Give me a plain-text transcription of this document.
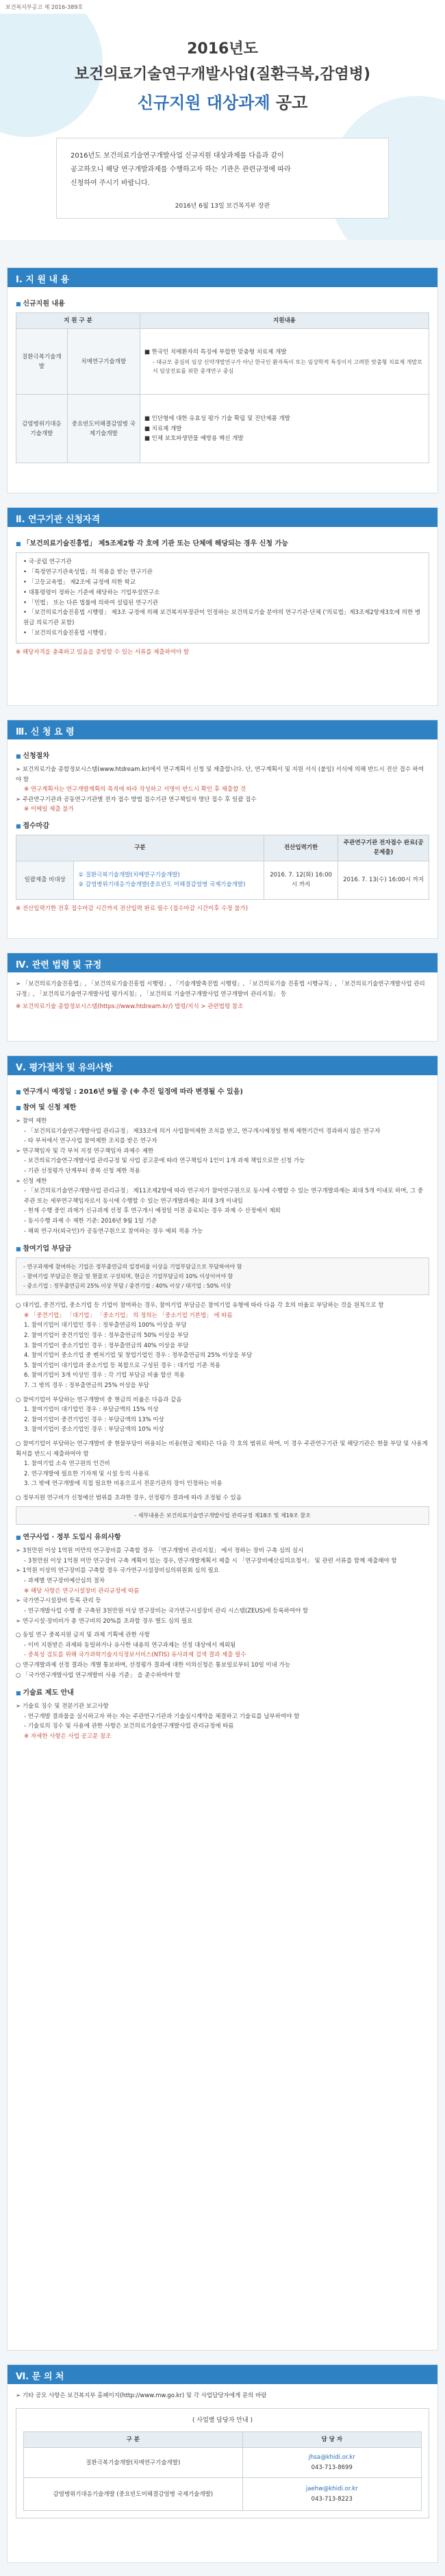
보건복지부공고 제 2016-389호
2016년도
보건의료기술연구개발사업(질환극복,감염병)
신규지원 대상과제 공고
2016년도 보건의료기술연구개발사업 신규지원 대상과제를 다음과 같이
공고하오니 해당 연구개발과제를 수행하고자 하는 기관은 관련규정에 따라
신청하여 주시기 바랍니다.
2016년 6월 13일 보건복지부 장관
Ⅰ. 지 원 내 용
■ 신규지원 내용
지 원 구 분		지원내용
질환극복기술개발	치매연구기술개발	■ 한국인 치매환자의 특징에 부합한 맞춤형 치료제 개발
- 대규모 중심의 임상 신약개발연구가 아닌 한국인 환자특이 또는 임상학적 특징이지 고려한 맞춤형 치료제 개발로서 임상진료를 위한 중개연구 중심

감염병위기대응기술개발	중요빈도미해결감염병 국제기술개발	■ 인단형에 대한 유효성 평가 기술 확립 및 진단제품 개발
■ 치료제 개발
■ 인체 보호파생면물 예방용 백신 개발
Ⅱ. 연구기관 신청자격
■ 「보건의료기술진흥법」 제5조제2항 각 호에 기관 또는 단체에 해당되는 경우 신청 가능
• 국·공립 연구기관
• 「특정연구기관육성법」의 적용을 받는 연구기관
• 「고등교육법」 제2조에 규정에 의한 학교
• 대통령령이 정하는 기준에 해당하는 기업부설연구소
• 「민법」 또는 다른 법률에 의하여 설립된 연구기관
• 「보건의료기술진흥법 시행령」 제3조 규정에 의해 보건복지부장관이 인정하는 보건의료기술 분야의 연구기관·단체 ('의료법」제3조제2항제3호에 의한 병원급 의료기관 포함)
• 「보건의료기술진흥법 시행령」
※ 해당자격을 충족하고 있음을 증빙할 수 있는 서류를 제출하여야 함
Ⅲ. 신 청 요 령
■ 신청절차
➢ 보건의료기술 종합정보시스템(www.htdream.kr)에서 연구계획서 신청 및 제출합니다. 단, 연구계획서 및 지원 서식 (붙임) 서식에 의해 반드시 전산 접수 하여야 함
※ 연구계획서는 연구개발계획의 목적에 따라 작성하고 서명이 반드시 확인 후 제출할 것
➢ 주관연구기관과 공동연구기관별 전자 접수 방법 접수기관 연구책임자 명단 접수 후 일괄 접수
※ 이메일 제출 불가
■ 접수마감
구분		전산입력기한	주관연구기관 전자접수 완료(공문제출)
일괄제출 비대상	① 질환극복기술개발(치매연구기술개발)
② 감염병위기대응기술개발(중요빈도 미해결감염병 국제기술개발)	2016. 7. 12(화) 16:00시 까지	2016. 7. 13(수) 16:00시 까지
※ 전산입력기한 전후 접수마감 시간까지 전산입력 완료 필수 (접수마감 시간이후 수정 불가)
Ⅳ. 관련 법령 및 규정
➢ 「보건의료기술진흥법」, 「보건의료기술진흥법 시행령」, 「기술개발촉진법 시행령」, 「보건의료기술 진흥법 시행규칙」, 「보건의료기술연구개발사업 관리규정」, 「보건의료기술연구개발사업 평가지침」, 「보건의료 기술연구개발사업 연구개발비 관리지침」 등
※ 보건의료기술 종합정보시스템(https://www.htdream.kr/) 법령/지식 > 관련법령 참조
Ⅴ. 평가절차 및 유의사항
■ 연구개시 예정일 : 2016년 9월 중 (※ 추진 일정에 따라 변경될 수 있음)
■ 참여 및 신청 제한
➢ 참여 제한
- 「보건의료기술연구개발사업 관리규정」 제33조에 의거 사업참여제한 조치를 받고, 연구개시예정일 현재 제한기간이 경과하지 않은 연구자
- 타 부처에서 연구사업 참여제한 조치를 받은 연구자
➢ 연구책임자 및 각 부처 지정 연구책임자 과제수 제한
- 보건의료기술연구개발사업 관리규정 및 사업 공고문에 따라 연구책임자 1인이 1개 과제 책임으로만 신청 가능
- 기관 선정평가 단계부터 중복 신청 제한 적용
➢ 신청 제한
- 「보건의료기술연구개발사업 관리규정」 제11조제2항에 따라 연구자가 참여연구원으로 동시에 수행할 수 있는 연구개발과제는 최대 5개 이내로 하며, 그 중 주관 또는 세부연구책임자로서 동시에 수행할 수 있는 연구개발과제는 최대 3개 이내임
- 현재 수행 중인 과제가 신규과제 선정 후 연구개시 예정일 이전 종료되는 경우 과제 수 산정에서 제외
- 동시수행 과제 수 제한 기준: 2016년 9월 1일 기준
- 해외 연구자(외국인)가 공동연구원으로 참여하는 경우 예외 적용 가능
■ 참여기업 부담금
- 연구과제에 참여하는 기업은 정부출연금의 일정비율 이상을 기업부담금으로 부담하여야 함
- 참여기업 부담금은 현금 및 현물로 구성되며, 현금은 기업부담금의 10% 이상이어야 함
- 중소기업 : 정부출연금의 25% 이상 부담 / 중견기업 : 40% 이상 / 대기업 : 50% 이상
○ 대기업, 중견기업, 중소기업 등 기업이 참여하는 경우, 참여기업 부담금은 참여기업 유형에 따라 다음 각 호의 비율로 부담하는 것을 원칙으로 함
※ 「중견기업」 「대기업」 「중소기업」 의 정의는 「중소기업 기본법」 에 따름
1. 참여기업이 대기업인 경우 : 정부출연금의 100% 이상을 부담
2. 참여기업이 중견기업인 경우 : 정부출연금의 50% 이상을 부담
3. 참여기업이 중소기업인 경우 : 정부출연금의 40% 이상을 부담
4. 참여기업이 중소기업 중 벤처기업 및 창업기업인 경우 : 정부출연금의 25% 이상을 부담
5. 참여기업이 대기업과 중소기업 등 복합으로 구성된 경우 : 대기업 기준 적용
6. 참여기업이 3개 이상인 경우 : 각 기업 부담금 비율 합산 적용
7. 그 밖의 경우 : 정부출연금의 25% 이상을 부담
○ 참여기업이 부담하는 연구개발비 중 현금의 비율은 다음과 같음
1. 참여기업이 대기업인 경우 : 부담금액의 15% 이상
2. 참여기업이 중견기업인 경우 : 부담금액의 13% 이상
3. 참여기업이 중소기업인 경우 : 부담금액의 10% 이상
○ 참여기업이 부담하는 연구개발비 중 현물부담이 허용되는 비용(현금 제외)은 다음 각 호의 범위로 하며, 이 경우 주관연구기관 및 해당기관은 현물 부담 및 사용계획서를 반드시 제출하여야 함
1. 참여기업 소속 연구원의 인건비
2. 연구개발에 필요한 기자재 및 시설 등의 사용료
3. 그 밖에 연구개발에 직접 필요한 비용으로서 전문기관의 장이 인정하는 비용
○ 정부지원 연구비가 신청예산 범위를 초과한 경우, 선정평가 결과에 따라 조정될 수 있음
- 세부내용은 보건의료기술연구개발사업 관리규정 제18조 및 제19조 참조
■ 연구사업 · 정부 도입시 유의사항
➢ 3천만원 이상 1억원 미만의 연구장비를 구축할 경우 「연구개발비 관리지침」 에서 정하는 장비 구축 심의 실시
- 3천만원 이상 1억원 미만 연구장비 구축 계획이 있는 경우, 연구개발계획서 제출 시 「연구장비예산심의요청서」 및 관련 서류를 함께 제출해야 함
➢ 1억원 이상의 연구장비를 구축할 경우 국가연구시설장비심의위원회 심의 필요
- 과제별 연구장비예산심의 절차
※ 해당 사항은 연구시설장비 관리규정에 따름
➢ 국가연구시설장비 등록 관리 등
- 연구개발사업 수행 중 구축된 3천만원 이상 연구장비는 국가연구시설장비 관리 시스템(ZEUS)에 등록하여야 함
➢ 연구시설·장비비가 총 연구비의 20%를 초과할 경우 별도 심의 필요
○ 동일 연구 중복지원 금지 및 과제 기획에 관한 사항
- 이미 지원받은 과제와 동일하거나 유사한 내용의 연구과제는 선정 대상에서 제외됨
- 중복성 검토를 위해 국가과학기술지식정보서비스(NTIS) 유사과제 검색 결과 제출 필수
○ 연구개발과제 선정 결과는 개별 통보하며, 선정평가 결과에 대한 이의신청은 통보일로부터 10일 이내 가능
○ 「국가연구개발사업 연구개발비 사용 기준」 을 준수하여야 함
■ 기술료 제도 안내
➢ 기술료 징수 및 전문기관 보고사항
- 연구개발 결과물을 실시하고자 하는 자는 주관연구기관과 기술실시계약을 체결하고 기술료를 납부하여야 함
- 기술료의 징수 및 사용에 관한 사항은 보건의료기술연구개발사업 관리규정에 따름
※ 자세한 사항은 사업 공고문 참조
Ⅵ. 문 의 처
➢ 기타 공모 사항은 보건복지부 홈페이지(http://www.mw.go.kr) 및 각 사업담당자에게 문의 바람
( 사업별 담당자 안내 )
구 분	담 당 자
질환극복기술개발(치매연구기술개발)	jhsa@khidi.or.kr
043-713-8699

감염병위기대응기술개발 (중요빈도미해결감염병 국제기술개발)	jaehw@khidi.or.kr
043-713-8223
